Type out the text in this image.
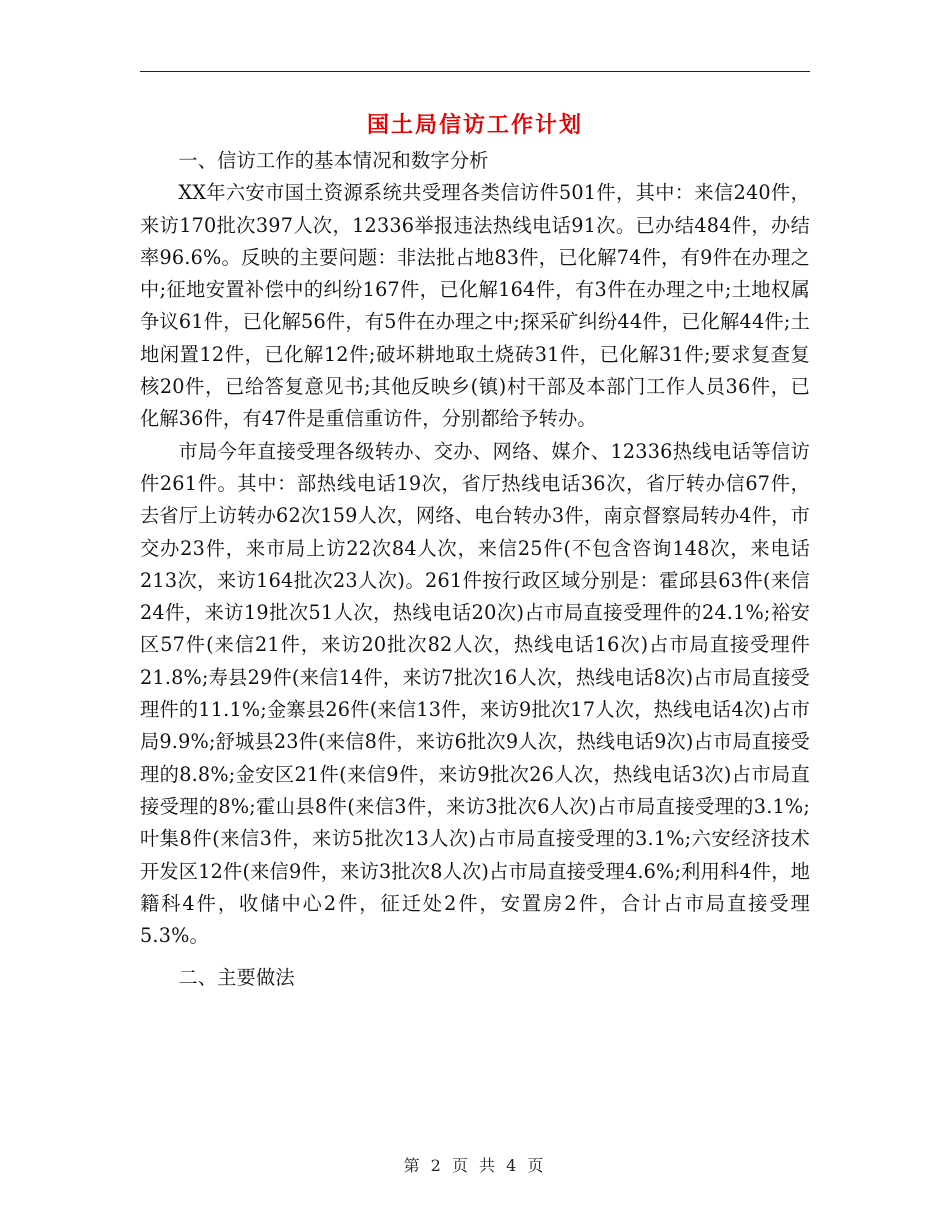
国土局信访工作计划

一、信访工作的基本情况和数字分析

XX年六安市国土资源系统共受理各类信访件501件，其中：来信240件，来访170批次397人次，12336举报违法热线电话91次。已办结484件，办结率96.6%。反映的主要问题：非法批占地83件，已化解74件，有9件在办理之中;征地安置补偿中的纠纷167件，已化解164件，有3件在办理之中;土地权属争议61件，已化解56件，有5件在办理之中;探采矿纠纷44件，已化解44件;土地闲置12件，已化解12件;破坏耕地取土烧砖31件，已化解31件;要求复查复核20件，已给答复意见书;其他反映乡(镇)村干部及本部门工作人员36件，已化解36件，有47件是重信重访件，分别都给予转办。

市局今年直接受理各级转办、交办、网络、媒介、12336热线电话等信访件261件。其中：部热线电话19次，省厅热线电话36次，省厅转办信67件，去省厅上访转办62次159人次，网络、电台转办3件，南京督察局转办4件，市交办23件，来市局上访22次84人次，来信25件(不包含咨询148次，来电话213次，来访164批次23人次)。261件按行政区域分别是：霍邱县63件(来信24件，来访19批次51人次，热线电话20次)占市局直接受理件的24.1%;裕安区57件(来信21件，来访20批次82人次，热线电话16次)占市局直接受理件21.8%;寿县29件(来信14件，来访7批次16人次，热线电话8次)占市局直接受理件的11.1%;金寨县26件(来信13件，来访9批次17人次，热线电话4次)占市局9.9%;舒城县23件(来信8件，来访6批次9人次，热线电话9次)占市局直接受理的8.8%;金安区21件(来信9件，来访9批次26人次，热线电话3次)占市局直接受理的8%;霍山县8件(来信3件，来访3批次6人次)占市局直接受理的3.1%;叶集8件(来信3件，来访5批次13人次)占市局直接受理的3.1%;六安经济技术开发区12件(来信9件，来访3批次8人次)占市局直接受理4.6%;利用科4件，地籍科4件，收储中心2件，征迁处2件，安置房2件，合计占市局直接受理5.3%。

二、主要做法

第 2 页 共 4 页
